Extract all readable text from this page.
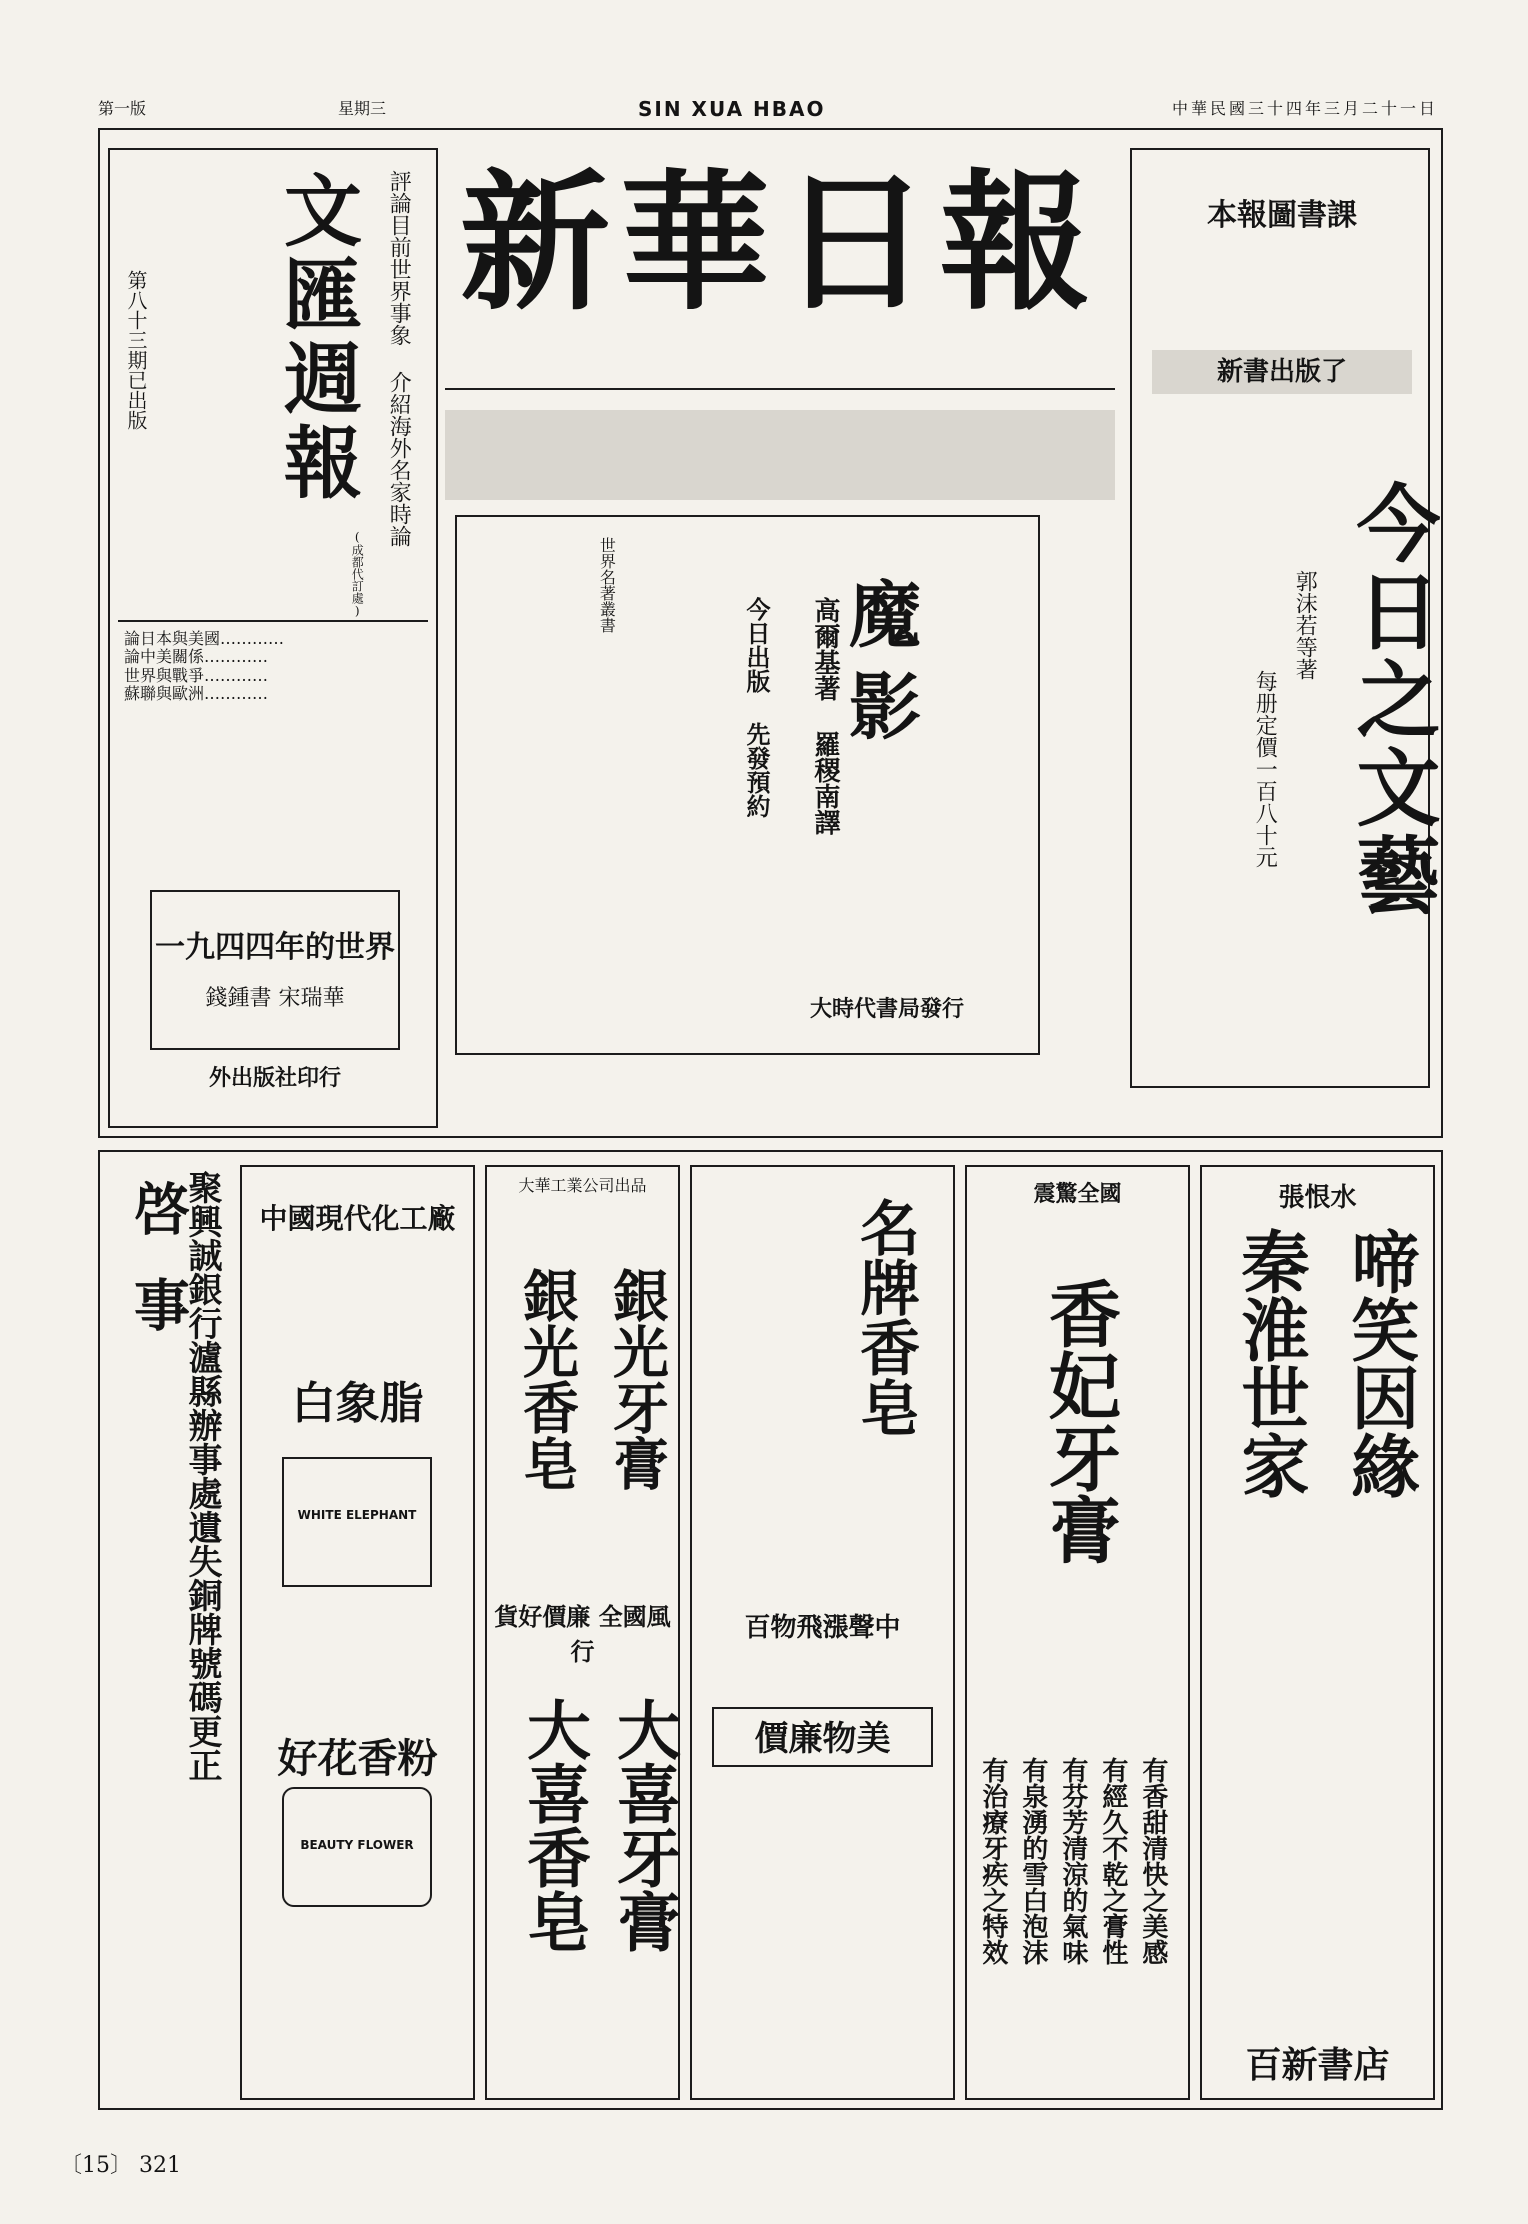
第一版	星期三	SIN XUA HBAO	中華民國三十四年三月二十一日
文匯週報	評論目前世界事象 介紹海外名家時論
第八十三期已出版
(成都代訂處)
論日本與美國…………
論中美關係…………
世界與戰爭…………
蘇聯與歐洲…………
一九四四年的世界
錢鍾書 宋瑞華
外出版社印行
新華日報
魔影
高爾基著 羅稷南譯
今日出版 先發預約
世界名著叢書
大時代書局發行
本報圖書課
新書出版了
今日之文藝
郭沫若等著
每册定價一百八十元
啓事
聚興誠銀行瀘縣辦事處遺失銅牌號碼更正	中國現代化工廠
白象脂
WHITE ELEPHANT
好花香粉
BEAUTY FLOWER
大華工業公司出品
銀光牙膏
銀光香皂
貨好價廉 全國風行
大喜牙膏
大喜香皂
名牌香皂
百物飛漲聲中
價廉物美
震驚全國
香妃牙膏
有治療牙疾之特效 有泉湧的雪白泡沫 有芬芳清涼的氣味 有經久不乾之膏性 有香甜清快之美感
張恨水
啼笑因緣
秦淮世家
百新書店
〔15〕 321
